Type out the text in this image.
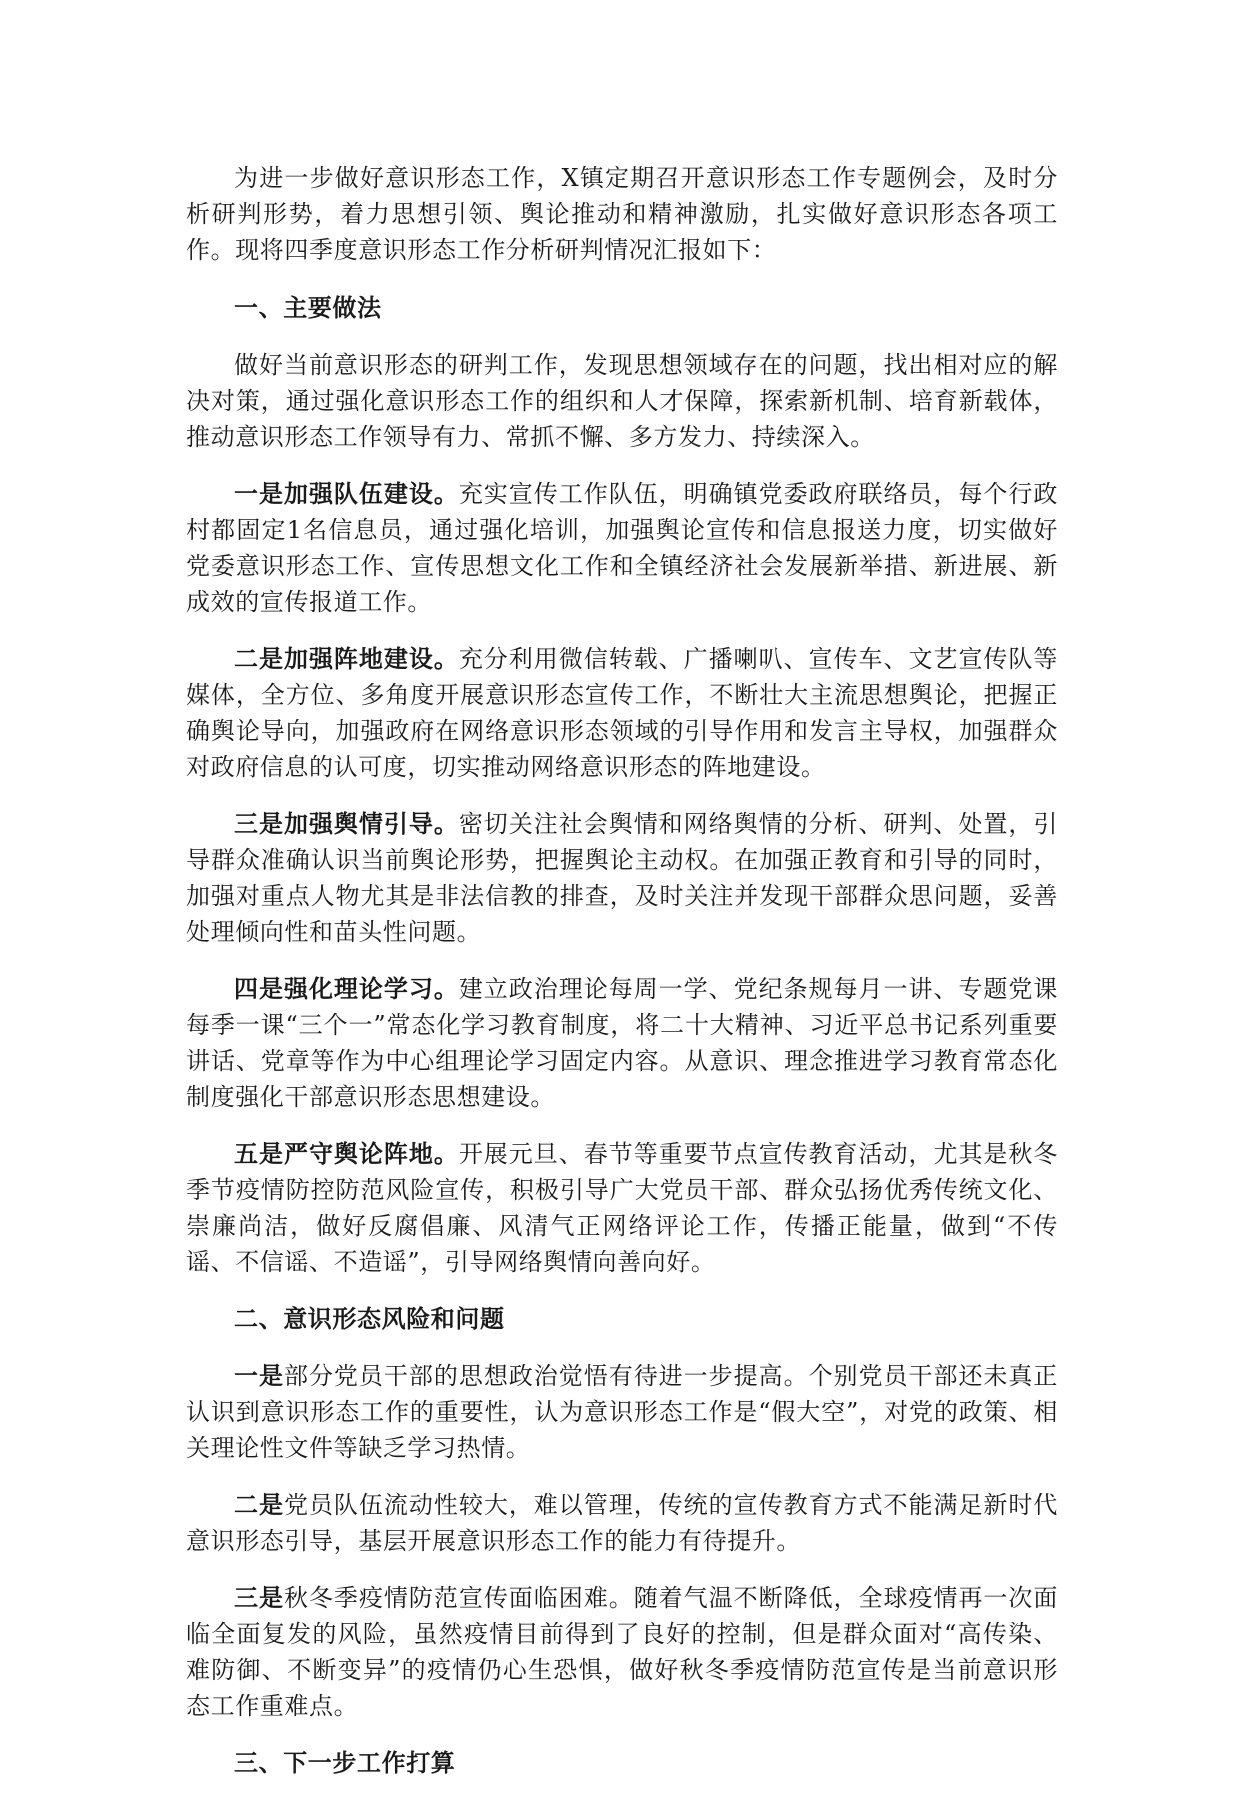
为进一步做好意识形态工作，X镇定期召开意识形态工作专题例会，及时分析研判形势，着力思想引领、舆论推动和精神激励，扎实做好意识形态各项工作。现将四季度意识形态工作分析研判情况汇报如下：

一、主要做法

做好当前意识形态的研判工作，发现思想领域存在的问题，找出相对应的解决对策，通过强化意识形态工作的组织和人才保障，探索新机制、培育新载体，推动意识形态工作领导有力、常抓不懈、多方发力、持续深入。

一是加强队伍建设。充实宣传工作队伍，明确镇党委政府联络员，每个行政村都固定1名信息员，通过强化培训，加强舆论宣传和信息报送力度，切实做好党委意识形态工作、宣传思想文化工作和全镇经济社会发展新举措、新进展、新成效的宣传报道工作。

二是加强阵地建设。充分利用微信转载、广播喇叭、宣传车、文艺宣传队等媒体，全方位、多角度开展意识形态宣传工作，不断壮大主流思想舆论，把握正确舆论导向，加强政府在网络意识形态领域的引导作用和发言主导权，加强群众对政府信息的认可度，切实推动网络意识形态的阵地建设。

三是加强舆情引导。密切关注社会舆情和网络舆情的分析、研判、处置，引导群众准确认识当前舆论形势，把握舆论主动权。在加强正教育和引导的同时，加强对重点人物尤其是非法信教的排查，及时关注并发现干部群众思问题，妥善处理倾向性和苗头性问题。

四是强化理论学习。建立政治理论每周一学、党纪条规每月一讲、专题党课每季一课“三个一”常态化学习教育制度，将二十大精神、习近平总书记系列重要讲话、党章等作为中心组理论学习固定内容。从意识、理念推进学习教育常态化制度强化干部意识形态思想建设。

五是严守舆论阵地。开展元旦、春节等重要节点宣传教育活动，尤其是秋冬季节疫情防控防范风险宣传，积极引导广大党员干部、群众弘扬优秀传统文化、崇廉尚洁，做好反腐倡廉、风清气正网络评论工作，传播正能量，做到“不传谣、不信谣、不造谣”，引导网络舆情向善向好。

二、意识形态风险和问题

一是部分党员干部的思想政治觉悟有待进一步提高。个别党员干部还未真正认识到意识形态工作的重要性，认为意识形态工作是“假大空”，对党的政策、相关理论性文件等缺乏学习热情。

二是党员队伍流动性较大，难以管理，传统的宣传教育方式不能满足新时代意识形态引导，基层开展意识形态工作的能力有待提升。

三是秋冬季疫情防范宣传面临困难。随着气温不断降低，全球疫情再一次面临全面复发的风险，虽然疫情目前得到了良好的控制，但是群众面对“高传染、难防御、不断变异”的疫情仍心生恐惧，做好秋冬季疫情防范宣传是当前意识形态工作重难点。

三、下一步工作打算
